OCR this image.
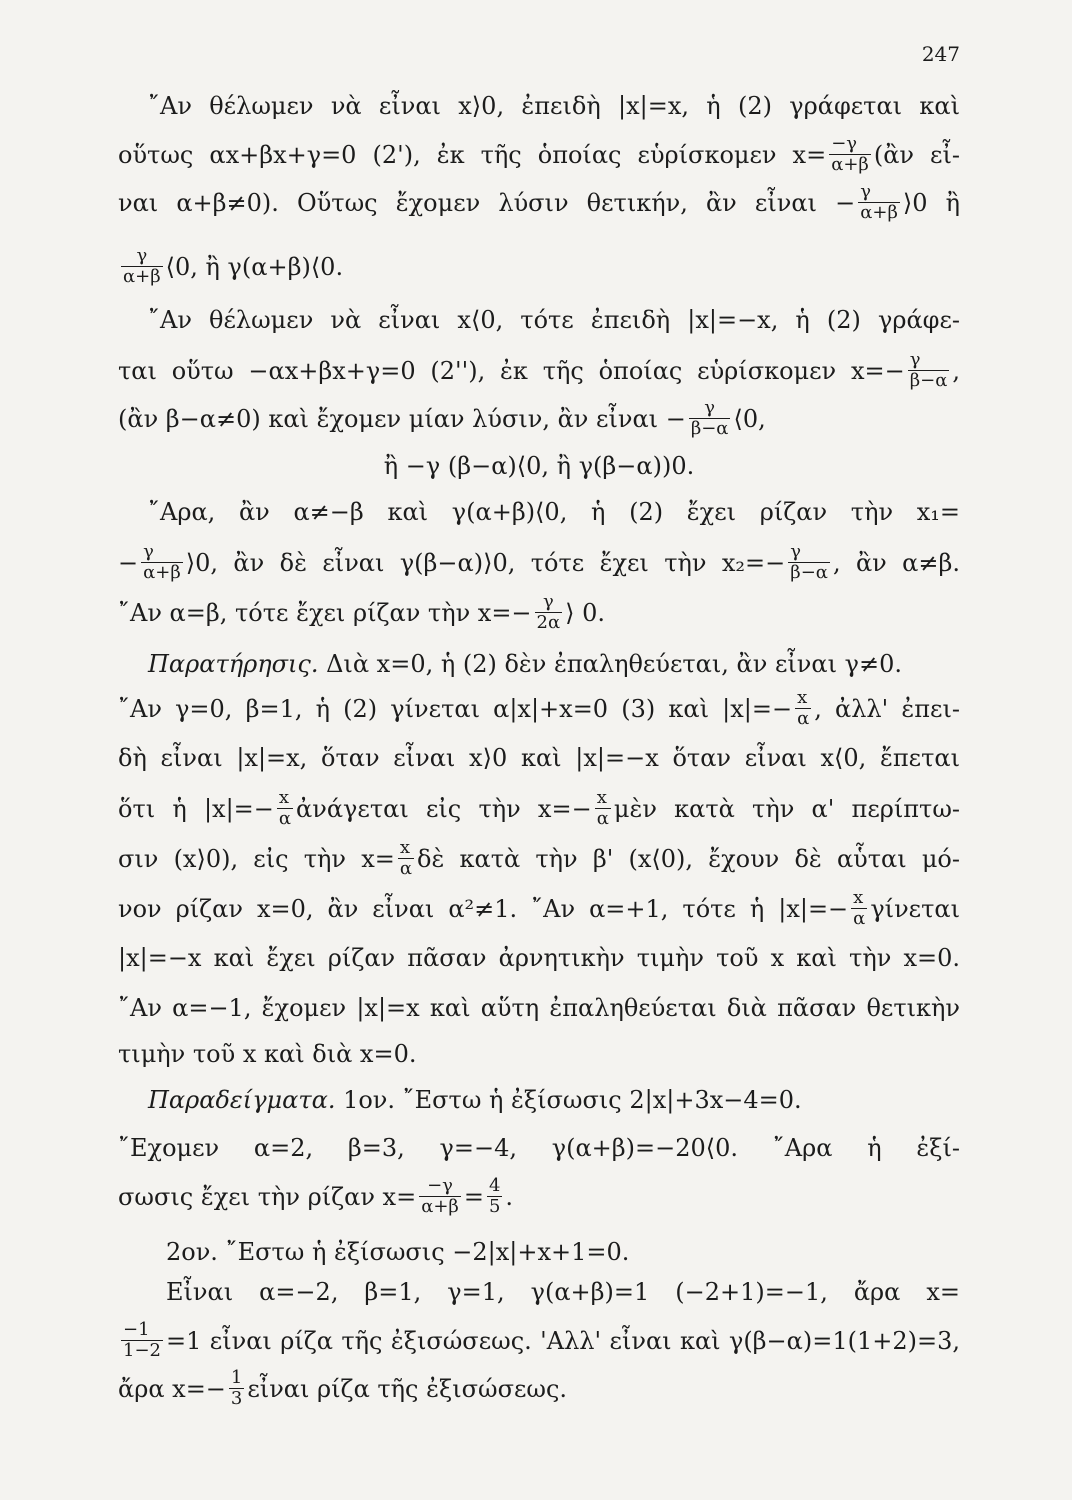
247
῎Αν θέλωμεν νὰ εἶναι x⟩0, ἐπειδὴ |x|=x, ἡ (2) γράφεται καὶ
οὕτως αx+βx+γ=0 (2'), ἐκ τῆς ὁποίας εὑρίσκομεν $x= \frac{-\gamma}{\alpha+\beta}$ (ἂν εἶ-
ναι α+β≠0). Οὕτως ἔχομεν λύσιν θετικήν, ἂν εἶναι − $\frac{\gamma}{\alpha+\beta}$ ⟩0 ἢ
$\frac{\gamma}{\alpha+\beta}$ ⟨0, ἢ γ(α+β)⟨0.
῎Αν θέλωμεν νὰ εἶναι x⟨0, τότε ἐπειδὴ |x|=−x, ἡ (2) γράφε-
ται οὕτω −αx+βx+γ=0 (2''), ἐκ τῆς ὁποίας εὑρίσκομεν $x=- \frac{\gamma}{\beta-\alpha}$ ,
(ἂν β−α≠0) καὶ ἔχομεν μίαν λύσιν, ἂν εἶναι − $\frac{\gamma}{\beta-\alpha}$ ⟨0,
ἢ −γ (β−α)⟨0, ἢ γ(β−α))0.
῎Αρα, ἂν α≠−β καὶ γ(α+β)⟨0, ἡ (2) ἔχει ρίζαν τὴν x₁=
− $\frac{\gamma}{\alpha+\beta}$ ⟩0, ἂν δὲ εἶναι γ(β−α)⟩0, τότε ἔχει τὴν $x_2=- \frac{\gamma}{\beta-\alpha}$ , ἂν α≠β.
῎Αν α=β, τότε ἔχει ρίζαν τὴν $x=- \frac{\gamma}{2\alpha}$ ⟩ 0.
Παρατήρησις. Διὰ x=0, ἡ (2) δὲν ἐπαληθεύεται, ἂν εἶναι γ≠0.
῎Αν γ=0, β=1, ἡ (2) γίνεται α|x|+x=0 (3) καὶ $|x|=- \frac{x}{\alpha}$ , ἀλλ' ἐπει-
δὴ εἶναι |x|=x, ὅταν εἶναι x⟩0 καὶ |x|=−x ὅταν εἶναι x⟨0, ἔπεται
ὅτι ἡ $|x|=- \frac{x}{\alpha}$ ἀνάγεται εἰς τὴν $x=- \frac{x}{\alpha}$ μὲν κατὰ τὴν α' περίπτω-
σιν (x⟩0), εἰς τὴν $x= \frac{x}{\alpha}$ δὲ κατὰ τὴν β' (x⟨0), ἔχουν δὲ αὗται μό-
νον ρίζαν x=0, ἂν εἶναι α²≠1. ῎Αν α=+1, τότε ἡ $|x|=- \frac{x}{\alpha}$ γίνεται
|x|=−x καὶ ἔχει ρίζαν πᾶσαν ἀρνητικὴν τιμὴν τοῦ x καὶ τὴν x=0.
῎Αν α=−1, ἔχομεν |x|=x καὶ αὕτη ἐπαληθεύεται διὰ πᾶσαν θετικὴν
τιμὴν τοῦ x καὶ διὰ x=0.
Παραδείγματα. 1ον. ῎Εστω ἡ ἐξίσωσις 2|x|+3x−4=0.
῎Εχομεν α=2, β=3, γ=−4, γ(α+β)=−20⟨0. ῎Αρα ἡ ἐξί-
σωσις ἔχει τὴν ρίζαν $x= \frac{-\gamma}{\alpha+\beta} = \frac{4}{5}$ .
2ον. ῎Εστω ἡ ἐξίσωσις −2|x|+x+1=0.
Εἶναι α=−2, β=1, γ=1, γ(α+β)=1 (−2+1)=−1, ἄρα x=
$\frac{-1}{1-2} =1$ εἶναι ρίζα τῆς ἐξισώσεως. 'Αλλ' εἶναι καὶ γ(β−α)=1(1+2)=3,
ἄρα $x=- \frac{1}{3}$ εἶναι ρίζα τῆς ἐξισώσεως.
